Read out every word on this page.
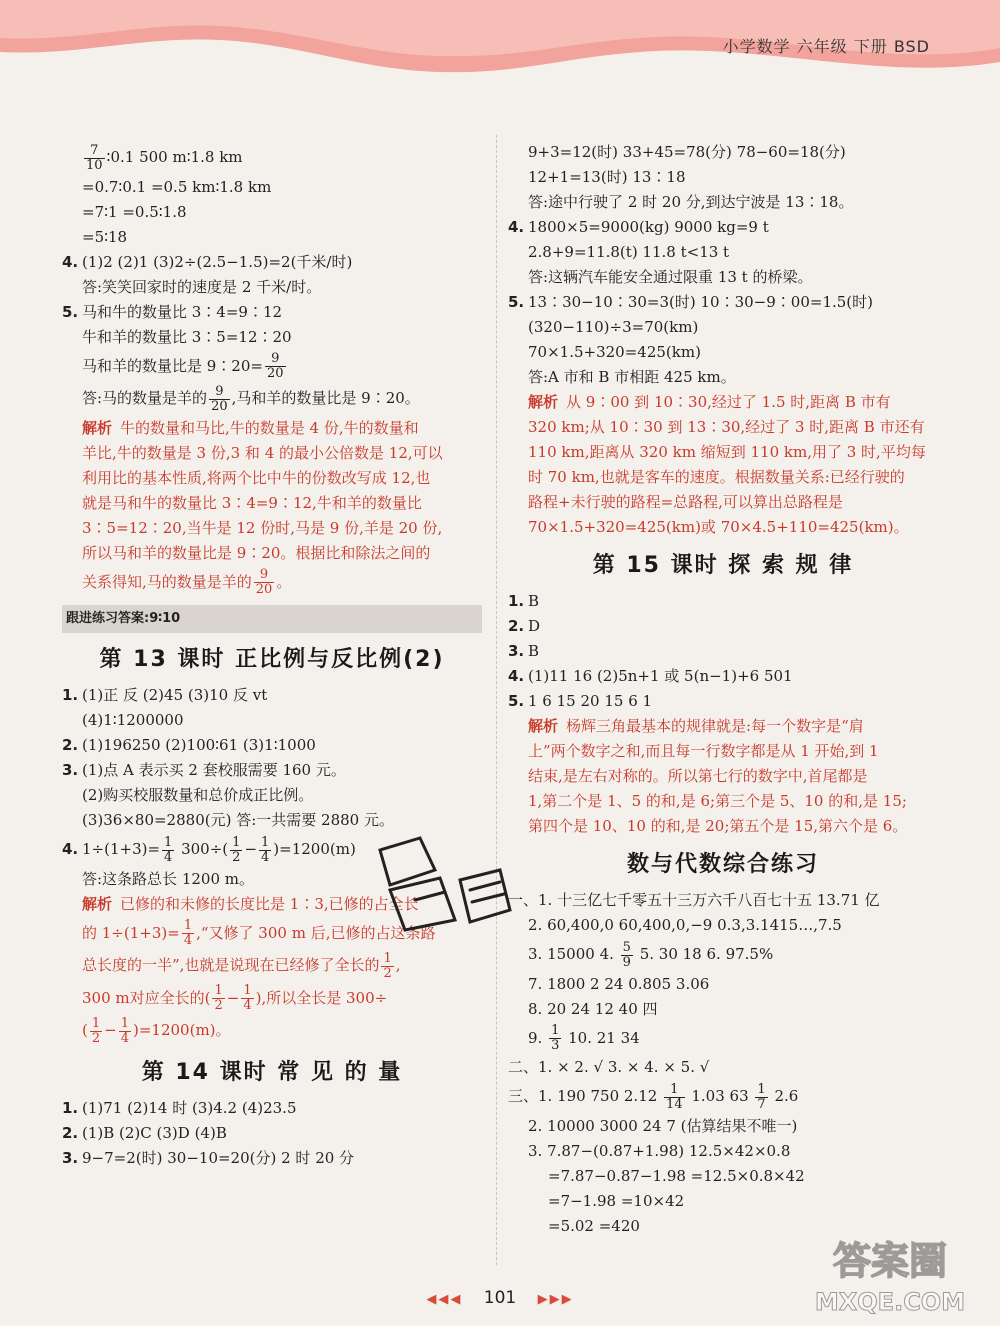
小学数学 六年级 下册 BSD
$\frac{7}{10}$ ∶0.1 500 m∶1.8 km
=0.7∶0.1 =0.5 km∶1.8 km
=7∶1 =0.5∶1.8
=5∶18
4. (1)2 (2)1 (3)2÷(2.5−1.5)=2(千米/时)
答:笑笑回家时的速度是 2 千米/时。
5. 马和牛的数量比 3∶4=9∶12
牛和羊的数量比 3∶5=12∶20
马和羊的数量比是 9∶20= $\frac{9}{20}$
答:马的数量是羊的 $\frac{9}{20}$ ,马和羊的数量比是 9∶20。
解析 牛的数量和马比,牛的数量是 4 份,牛的数量和
羊比,牛的数量是 3 份,3 和 4 的最小公倍数是 12,可以
利用比的基本性质,将两个比中牛的份数改写成 12,也
就是马和牛的数量比 3∶4=9∶12,牛和羊的数量比
3∶5=12∶20,当牛是 12 份时,马是 9 份,羊是 20 份,
所以马和羊的数量比是 9∶20。根据比和除法之间的
关系得知,马的数量是羊的 $\frac{9}{20}$ 。
跟进练习答案:9∶10
第 13 课时 正比例与反比例(2)
1. (1)正 反 (2)45 (3)10 反 vt
(4)1∶1200000
2. (1)196250 (2)100∶61 (3)1∶1000
3. (1)点 A 表示买 2 套校服需要 160 元。
(2)购买校服数量和总价成正比例。
(3)36×80=2880(元) 答:一共需要 2880 元。
4. $1\div(1+3)= \frac{1}{4} 300\div( \frac{1}{2} - \frac{1}{4} )=1200(m)$
答:这条路总长 1200 m。
解析 已修的和未修的长度比是 1∶3,已修的占全长
的 $1\div(1+3)= \frac{1}{4}$ ,“又修了 300 m 后,已修的占这条路
总长度的一半”,也就是说现在已经修了全长的 $\frac{1}{2}$ ,
300 m对应全长的( $\frac{1}{2} - \frac{1}{4}$ ),所以全长是 300÷
( $\frac{1}{2} - \frac{1}{4} )=1200(m)$。
第 14 课时 常 见 的 量
1. (1)71 (2)14 时 (3)4.2 (4)23.5
2. (1)B (2)C (3)D (4)B
3. 9−7=2(时) 30−10=20(分) 2 时 20 分
9+3=12(时) 33+45=78(分) 78−60=18(分)
12+1=13(时) 13∶18
答:途中行驶了 2 时 20 分,到达宁波是 13∶18。
4. 1800×5=9000(kg) 9000 kg=9 t
2.8+9=11.8(t) 11.8 t<13 t
答:这辆汽车能安全通过限重 13 t 的桥梁。
5. 13∶30−10∶30=3(时) 10∶30−9∶00=1.5(时)
(320−110)÷3=70(km)
70×1.5+320=425(km)
答:A 市和 B 市相距 425 km。
解析 从 9∶00 到 10∶30,经过了 1.5 时,距离 B 市有
320 km;从 10∶30 到 13∶30,经过了 3 时,距离 B 市还有
110 km,距离从 320 km 缩短到 110 km,用了 3 时,平均每
时 70 km,也就是客车的速度。根据数量关系:已经行驶的
路程+未行驶的路程=总路程,可以算出总路程是
70×1.5+320=425(km)或 70×4.5+110=425(km)。
第 15 课时 探 索 规 律
1. B
2. D
3. B
4. (1)11 16 (2)5n+1 或 5(n−1)+6 501
5. 1 6 15 20 15 6 1
解析 杨辉三角最基本的规律就是:每一个数字是“肩
上”两个数字之和,而且每一行数字都是从 1 开始,到 1
结束,是左右对称的。所以第七行的数字中,首尾都是
1,第二个是 1、5 的和,是 6;第三个是 5、10 的和,是 15;
第四个是 10、10 的和,是 20;第五个是 15,第六个是 6。
数与代数综合练习
一、1. 十三亿七千零五十三万六千八百七十五 13.71 亿
2. 60,400,0 60,400,0,−9 0.3,3.1415…,7.5
3. 15000 4. $\frac{5}{9} 5$. 30 18 6. 97.5%
7. 1800 2 24 0.805 3.06
8. 20 24 12 40 四
9. $\frac{1}{3} 10$. 21 34
二、1. × 2. √ 3. × 4. × 5. √
三、1. 190 750 $2.12 \frac{1}{14} 1.03$ $63 \frac{1}{7} 2.6$
2. 10000 3000 24 7 (估算结果不唯一)
3. 7.87−(0.87+1.98) 12.5×42×0.8
=7.87−0.87−1.98 =12.5×0.8×42
=7−1.98 =10×42
=5.02 =420
◀◀◀ 101 ▶▶▶
答案圈
MXQE.COM
